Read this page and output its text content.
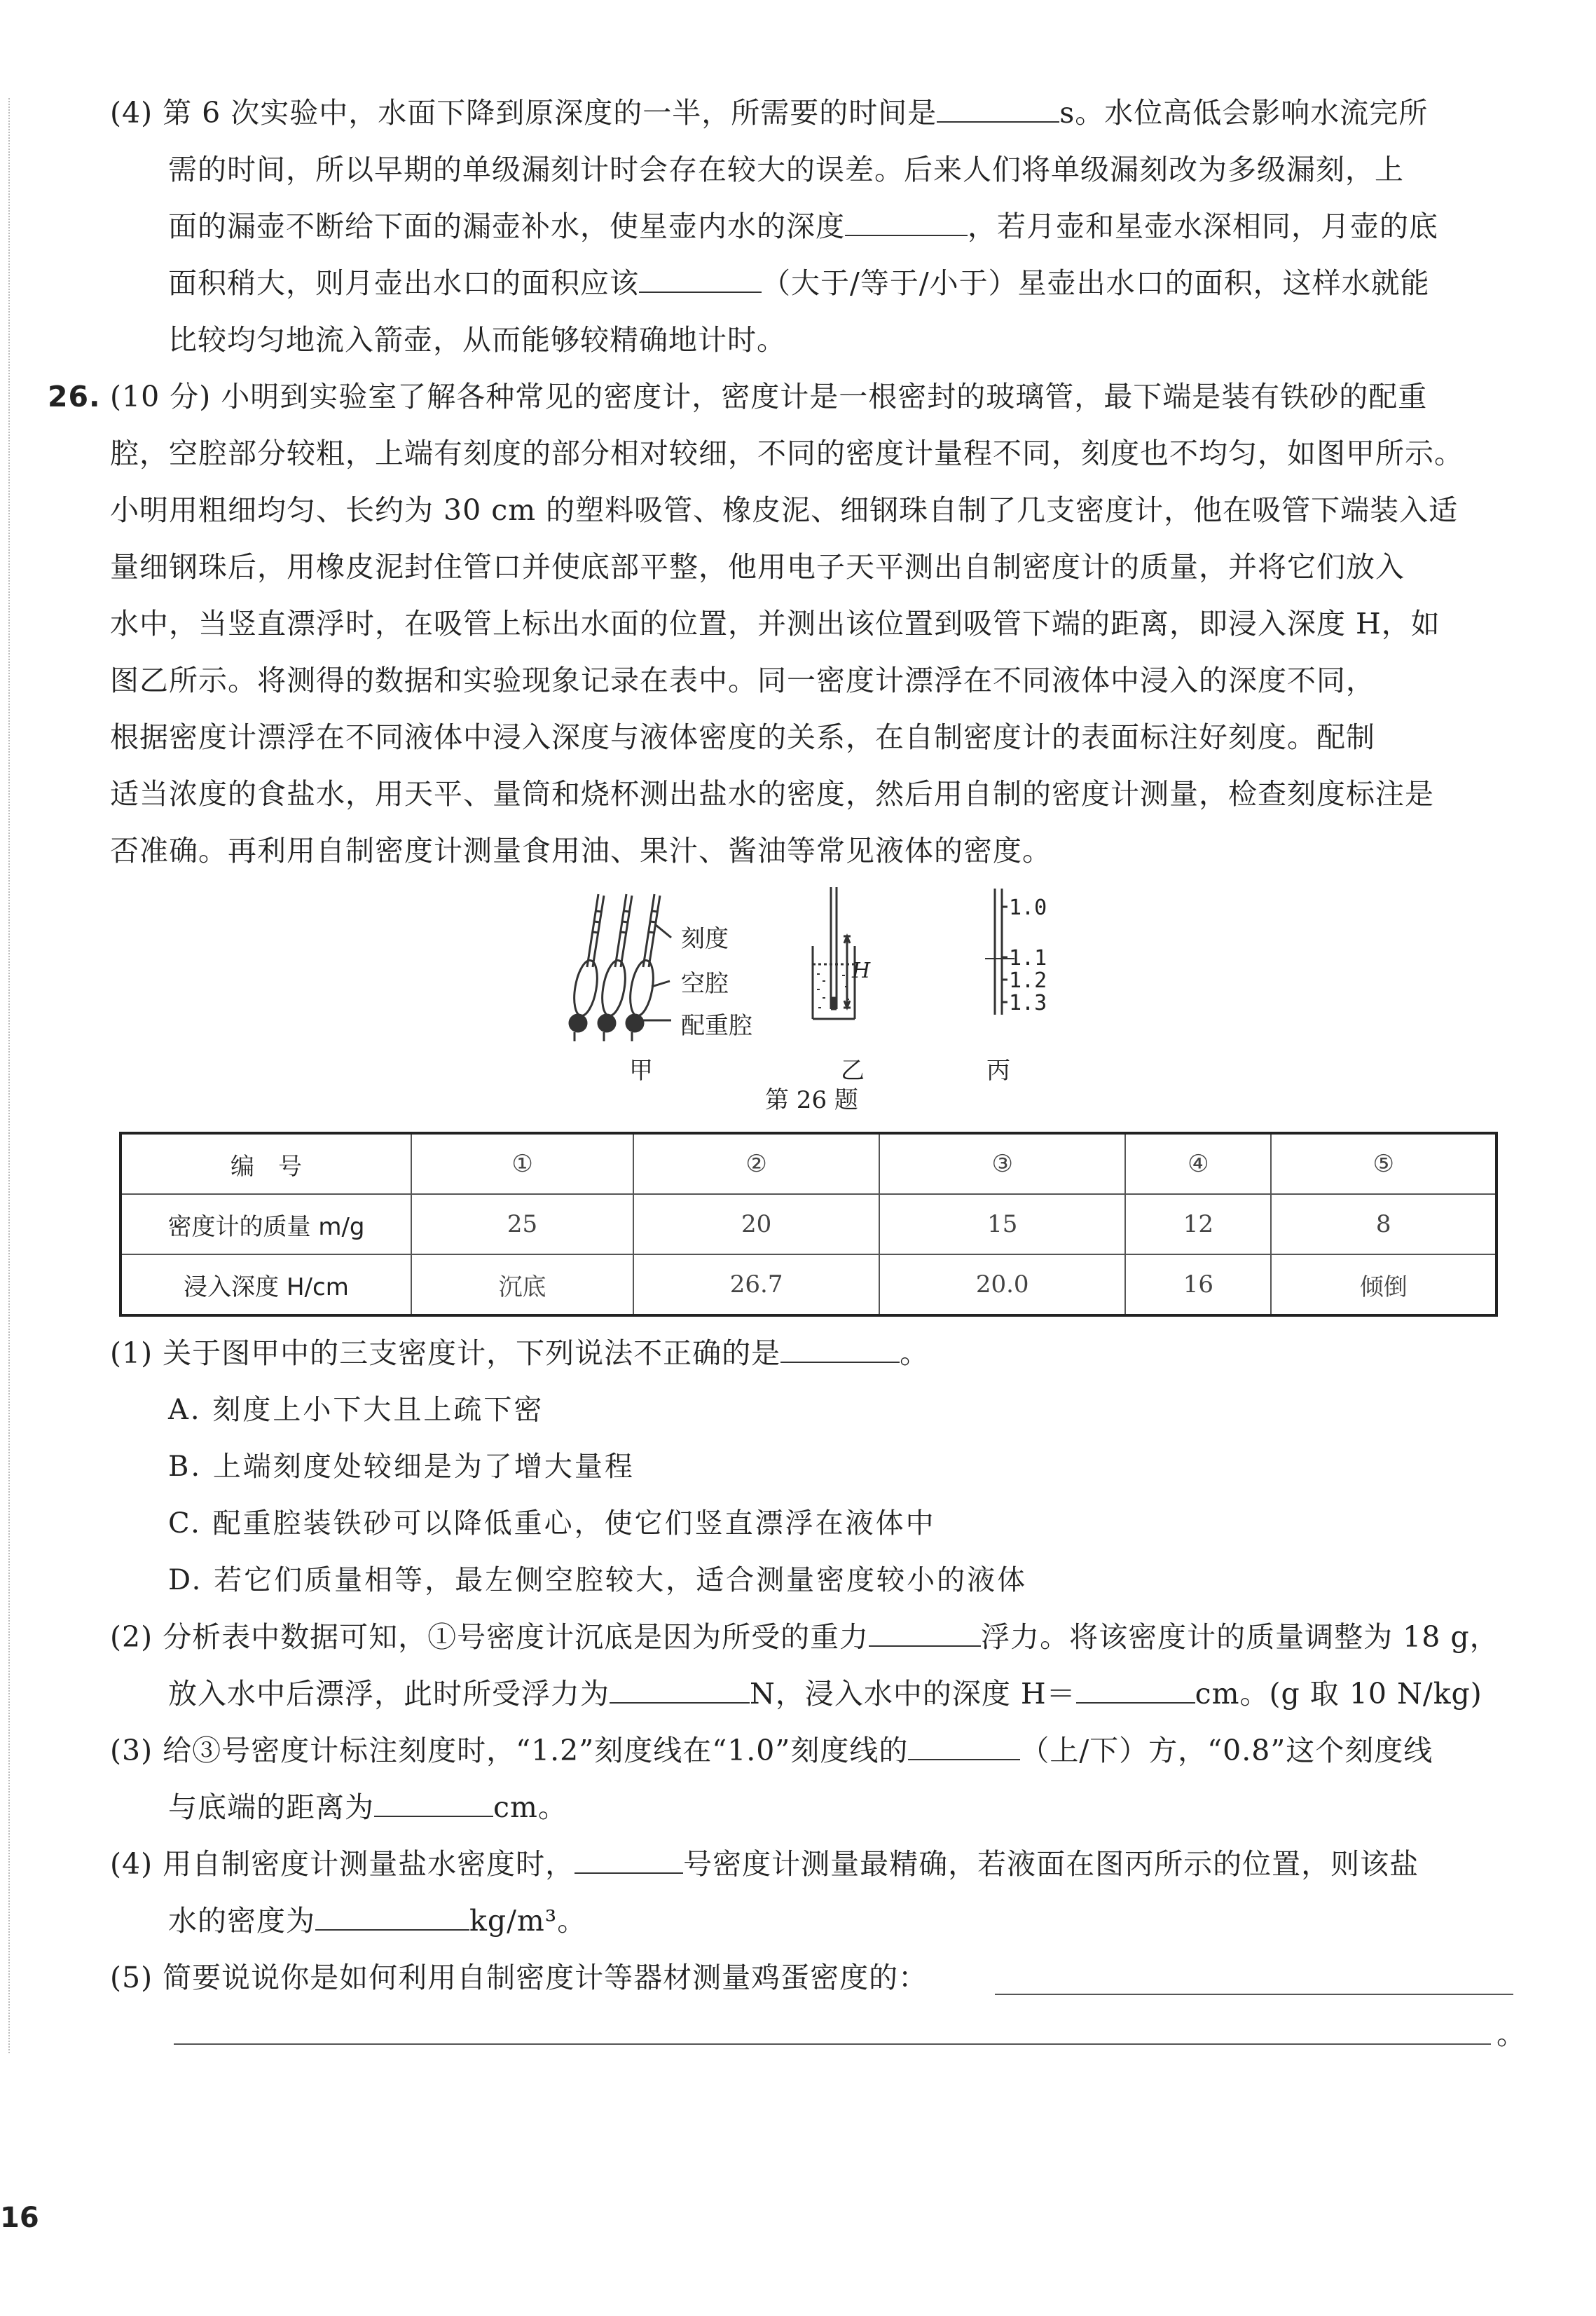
(4) 第 6 次实验中，水面下降到原深度的一半，所需要的时间是	s。水位高低会影响水流完所
需的时间，所以早期的单级漏刻计时会存在较大的误差。后来人们将单级漏刻改为多级漏刻，上
面的漏壶不断给下面的漏壶补水，使星壶内水的深度	，若月壶和星壶水深相同，月壶的底
面积稍大，则月壶出水口的面积应该	（大于/等于/小于）星壶出水口的面积，这样水就能
比较均匀地流入箭壶，从而能够较精确地计时。
26. (10 分) 小明到实验室了解各种常见的密度计，密度计是一根密封的玻璃管，最下端是装有铁砂的配重
腔，空腔部分较粗，上端有刻度的部分相对较细，不同的密度计量程不同，刻度也不均匀，如图甲所示。
小明用粗细均匀、长约为 30 cm 的塑料吸管、橡皮泥、细钢珠自制了几支密度计，他在吸管下端装入适
量细钢珠后，用橡皮泥封住管口并使底部平整，他用电子天平测出自制密度计的质量，并将它们放入
水中，当竖直漂浮时，在吸管上标出水面的位置，并测出该位置到吸管下端的距离，即浸入深度 H，如
图乙所示。将测得的数据和实验现象记录在表中。同一密度计漂浮在不同液体中浸入的深度不同，
根据密度计漂浮在不同液体中浸入深度与液体密度的关系，在自制密度计的表面标注好刻度。配制
适当浓度的食盐水，用天平、量筒和烧杯测出盐水的密度，然后用自制的密度计测量，检查刻度标注是
否准确。再利用自制密度计测量食用油、果汁、酱油等常见液体的密度。
刻度
空腔
配重腔
甲	乙	丙
H
1.0
1.1
1.2
1.3
第 26 题
编　号	①	②	③	④	⑤
密度计的质量 m/g	25	20	15	12	8
浸入深度 H/cm	沉底	26.7	20.0	16	倾倒
(1) 关于图甲中的三支密度计，下列说法不正确的是	。
A. 刻度上小下大且上疏下密
B. 上端刻度处较细是为了增大量程
C. 配重腔装铁砂可以降低重心，使它们竖直漂浮在液体中
D. 若它们质量相等，最左侧空腔较大，适合测量密度较小的液体
(2) 分析表中数据可知，①号密度计沉底是因为所受的重力	浮力。将该密度计的质量调整为 18 g，
放入水中后漂浮，此时所受浮力为	N，浸入水中的深度 H＝	cm。(g 取 10 N/kg)
(3) 给③号密度计标注刻度时，“1.2”刻度线在“1.0”刻度线的	（上/下）方，“0.8”这个刻度线
与底端的距离为	cm。
(4) 用自制密度计测量盐水密度时，	号密度计测量最精确，若液面在图丙所示的位置，则该盐
水的密度为	kg/m³。
(5) 简要说说你是如何利用自制密度计等器材测量鸡蛋密度的：
。
16
